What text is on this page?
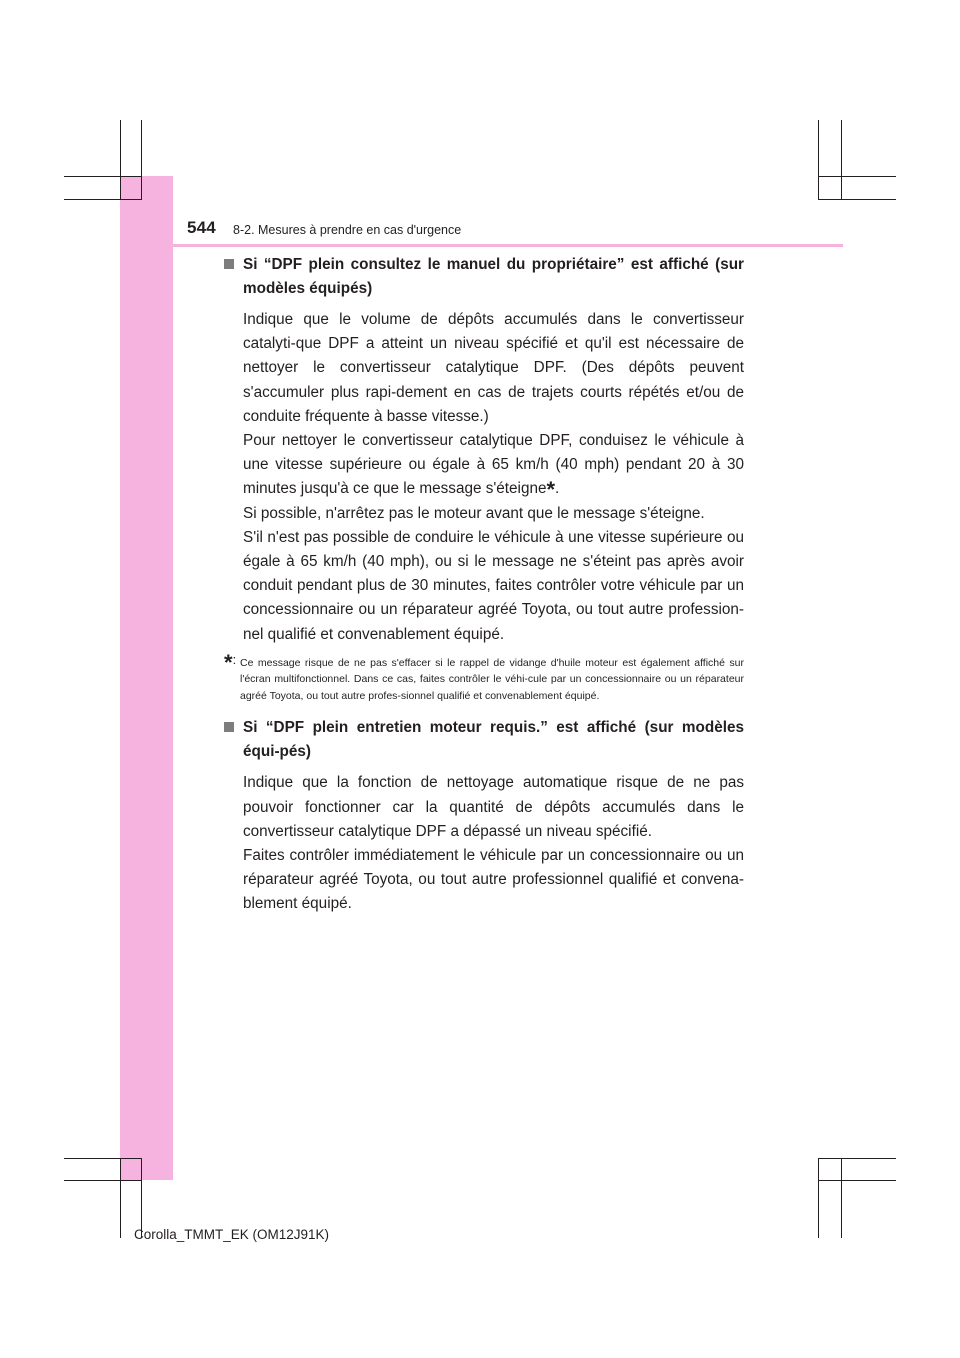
544 8-2. Mesures à prendre en cas d'urgence
Si “DPF plein consultez le manuel du propriétaire” est affiché (sur modèles équipés)

Indique que le volume de dépôts accumulés dans le convertisseur catalyti-que DPF a atteint un niveau spécifié et qu'il est nécessaire de nettoyer le convertisseur catalytique DPF. (Des dépôts peuvent s'accumuler plus rapi-dement en cas de trajets courts répétés et/ou de conduite fréquente à basse vitesse.)

Pour nettoyer le convertisseur catalytique DPF, conduisez le véhicule à une vitesse supérieure ou égale à 65 km/h (40 mph) pendant 20 à 30 minutes jusqu'à ce que le message s'éteigne*.

Si possible, n'arrêtez pas le moteur avant que le message s'éteigne.

S'il n'est pas possible de conduire le véhicule à une vitesse supérieure ou égale à 65 km/h (40 mph), ou si le message ne s'éteint pas après avoir conduit pendant plus de 30 minutes, faites contrôler votre véhicule par un concessionnaire ou un réparateur agréé Toyota, ou tout autre profession-nel qualifié et convenablement équipé.

*: Ce message risque de ne pas s'effacer si le rappel de vidange d'huile moteur est également affiché sur l'écran multifonctionnel. Dans ce cas, faites contrôler le véhi-cule par un concessionnaire ou un réparateur agréé Toyota, ou tout autre profes-sionnel qualifié et convenablement équipé.
Si “DPF plein entretien moteur requis.” est affiché (sur modèles équi-pés)

Indique que la fonction de nettoyage automatique risque de ne pas pouvoir fonctionner car la quantité de dépôts accumulés dans le convertisseur catalytique DPF a dépassé un niveau spécifié.

Faites contrôler immédiatement le véhicule par un concessionnaire ou un réparateur agréé Toyota, ou tout autre professionnel qualifié et convena-blement équipé.

Corolla_TMMT_EK (OM12J91K)
